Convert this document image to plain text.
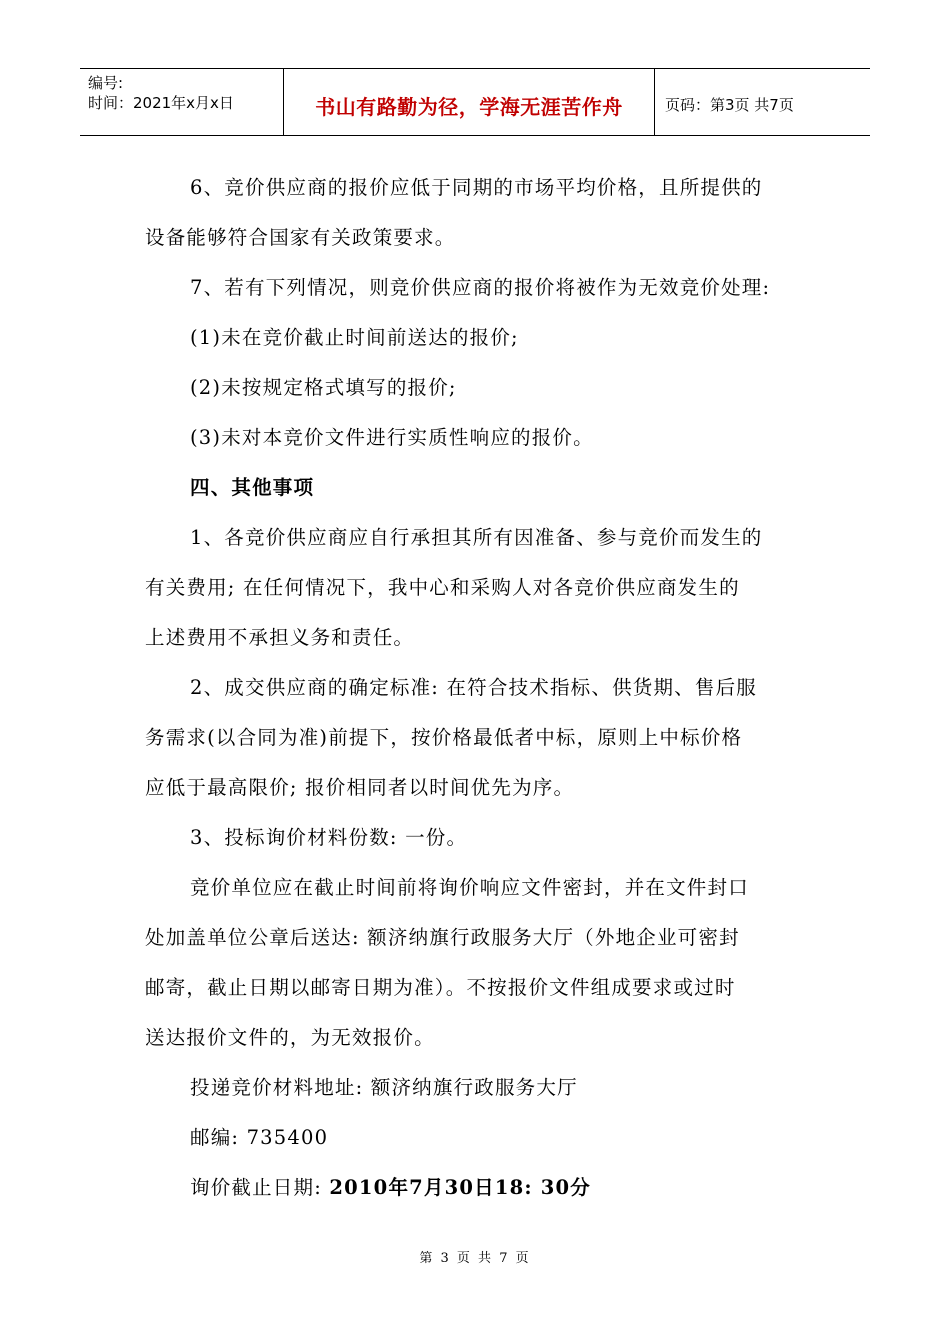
编号:
时间：2021年x月x日	书山有路勤为径，学海无涯苦作舟	页码：第3页 共7页
6、竞价供应商的报价应低于同期的市场平均价格，且所提供的
设备能够符合国家有关政策要求。
7、若有下列情况，则竞价供应商的报价将被作为无效竞价处理:
(1)未在竞价截止时间前送达的报价;
(2)未按规定格式填写的报价;
(3)未对本竞价文件进行实质性响应的报价。
四、其他事项
1、各竞价供应商应自行承担其所有因准备、参与竞价而发生的
有关费用; 在任何情况下，我中心和采购人对各竞价供应商发生的
上述费用不承担义务和责任。
2、成交供应商的确定标准: 在符合技术指标、供货期、售后服
务需求(以合同为准)前提下，按价格最低者中标，原则上中标价格
应低于最高限价; 报价相同者以时间优先为序。
3、投标询价材料份数: 一份。
竞价单位应在截止时间前将询价响应文件密封，并在文件封口
处加盖单位公章后送达: 额济纳旗行政服务大厅（外地企业可密封
邮寄，截止日期以邮寄日期为准）。不按报价文件组成要求或过时
送达报价文件的，为无效报价。
投递竞价材料地址: 额济纳旗行政服务大厅
邮编: 735400
询价截止日期: 2010年7月30日18: 30分
第 3 页 共 7 页
